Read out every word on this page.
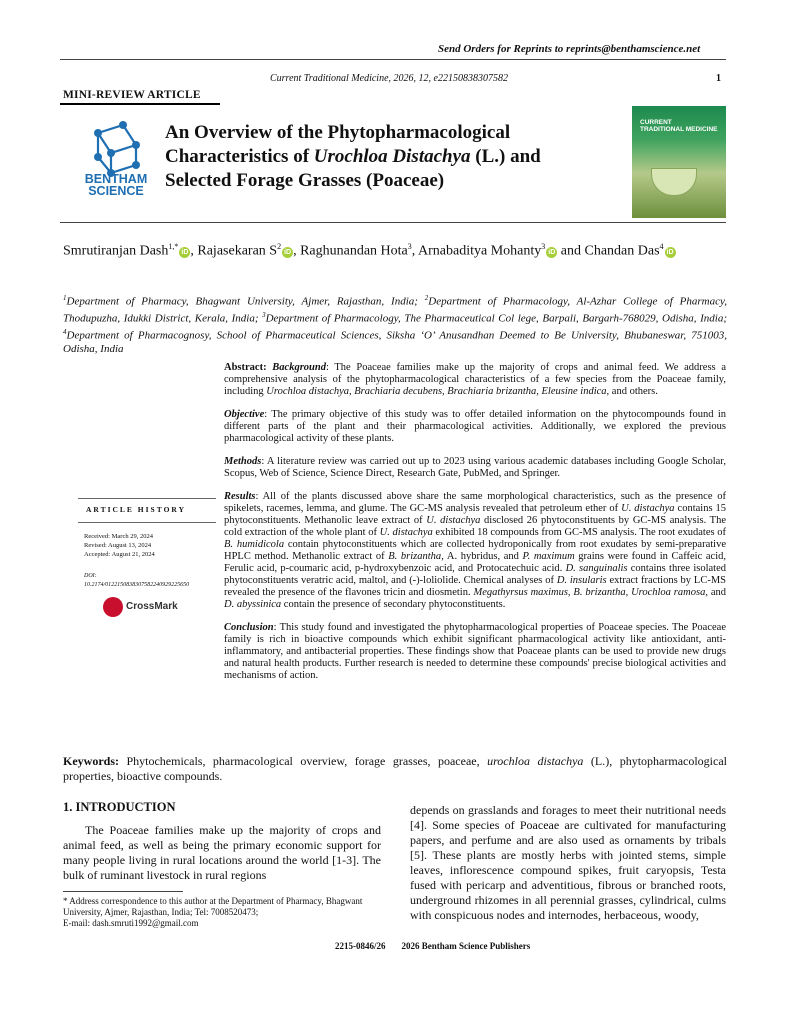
Send Orders for Reprints to reprints@benthamscience.net
Current Traditional Medicine, 2026, 12, e22150838307582	1
MINI-REVIEW ARTICLE
BENTHAM
SCIENCE
An Overview of the Phytopharmacological Characteristics of Urochloa Distachya (L.) and Selected Forage Grasses (Poaceae)
CURRENT
TRADITIONAL MEDICINE
Smrutiranjan Dash$^{1,*}$iD , Rajasekaran $S^2iD$ , Raghunandan Hota$^3$, Arnabaditya Mohanty$^3$iD and Chandan Das$^4$iD
$^1$Department of Pharmacy, Bhagwant University, Ajmer, Rajasthan, India; $^2$Department of Pharmacology, Al-Azhar College of Pharmacy, Thodupuzha, Idukki District, Kerala, India; $^3$Department of Pharmacology, The Pharmaceutical Col lege, Barpali, Bargarh-768029, Odisha, India; $^4$Department of Pharmacognosy, School of Pharmaceutical Sciences, Siksha ‘O’ Anusandhan Deemed to Be University, Bhubaneswar, 751003, Odisha, India
ARTICLE HISTORY
Received: March 29, 2024
Revised: August 13, 2024
Accepted: August 21, 2024
DOI:
10.2174/0122150838307582240929225650
CrossMark

Abstract: Background: The Poaceae families make up the majority of crops and animal feed. We address a comprehensive analysis of the phytopharmacological characteristics of a few species from the Poaceae family, including Urochloa distachya, Brachiaria decubens, Brachiaria brizantha, Eleusine indica, and others.

Objective: The primary objective of this study was to offer detailed information on the phytocompounds found in different parts of the plant and their pharmacological activities. Additionally, we explored the previous pharmacological activity of these plants.

Methods: A literature review was carried out up to 2023 using various academic databases including Google Scholar, Scopus, Web of Science, Science Direct, Research Gate, PubMed, and Springer.

Results: All of the plants discussed above share the same morphological characteristics, such as the presence of spikelets, racemes, lemma, and glume. The GC-MS analysis revealed that petroleum ether of U. distachya contains 15 phytoconstituents. Methanolic leave extract of U. distachya disclosed 26 phytoconstituents by GC-MS analysis. The cold extraction of the whole plant of U. distachya exhibited 18 compounds from GC-MS analysis. The root exudates of B. humidicola contain phytoconstituents which are collected hydroponically from root exudates by semi-preparative HPLC method. Methanolic extract of B. brizantha, A. hybridus, and P. maximum grains were found in Caffeic acid, Ferulic acid, p-coumaric acid, p-hydroxybenzoic acid, and Protocatechuic acid. D. sanguinalis contains three isolated phytoconstituents veratric acid, maltol, and (-)-loliolide. Chemical analyses of D. insularis extract fractions by LC-MS revealed the presence of the flavones tricin and diosmetin. Megathyrsus maximus, B. brizantha, Urochloa ramosa, and D. abyssinica contain the presence of secondary phytoconstituents.

Conclusion: This study found and investigated the phytopharmacological properties of Poaceae species. The Poaceae family is rich in bioactive compounds which exhibit significant pharmacological activity like antioxidant, anti-inflammatory, and antibacterial properties. These findings show that Poaceae plants can be used to provide new drugs and natural health products. Further research is needed to determine these compounds' precise biological activities and mechanisms of action.

Keywords: Phytochemicals, pharmacological overview, forage grasses, poaceae, urochloa distachya (L.), phytopharmacological properties, bioactive compounds.
1. INTRODUCTION
The Poaceae families make up the majority of crops and animal feed, as well as being the primary economic support for many people living in rural locations around the world [1-3]. The bulk of ruminant livestock in rural regions
depends on grasslands and forages to meet their nutritional needs [4]. Some species of Poaceae are cultivated for manufacturing papers, and perfume and are also used as ornaments by tribals [5]. These plants are mostly herbs with jointed stems, simple leaves, inflorescence compound spikes, fruit caryopsis, Testa fused with pericarp and adventitious, fibrous or branched roots, underground rhizomes in all perennial grasses, cylindrical, culms with conspicuous nodes and internodes, herbaceous, woody,
* Address correspondence to this author at the Department of Pharmacy, Bhagwant University, Ajmer, Rajasthan, India; Tel: 7008520473;
E-mail: dash.smruti1992@gmail.com
2215-0846/26 2026 Bentham Science Publishers
